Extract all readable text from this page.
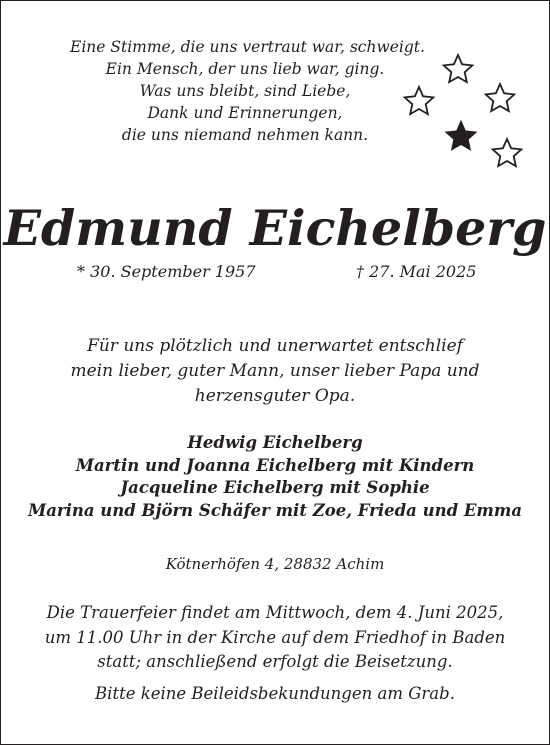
Eine Stimme, die uns vertraut war, schweigt.
Ein Mensch, der uns lieb war, ging.
Was uns bleibt, sind Liebe,
Dank und Erinnerungen,
die uns niemand nehmen kann.
Edmund Eichelberg
* 30. September 1957	† 27. Mai 2025
Für uns plötzlich und unerwartet entschlief
mein lieber, guter Mann, unser lieber Papa und
herzensguter Opa.
Hedwig Eichelberg
Martin und Joanna Eichelberg mit Kindern
Jacqueline Eichelberg mit Sophie
Marina und Björn Schäfer mit Zoe, Frieda und Emma
Kötnerhöfen 4, 28832 Achim
Die Trauerfeier findet am Mittwoch, dem 4. Juni 2025,
um 11.00 Uhr in der Kirche auf dem Friedhof in Baden
statt; anschließend erfolgt die Beisetzung.
Bitte keine Beileidsbekundungen am Grab.
